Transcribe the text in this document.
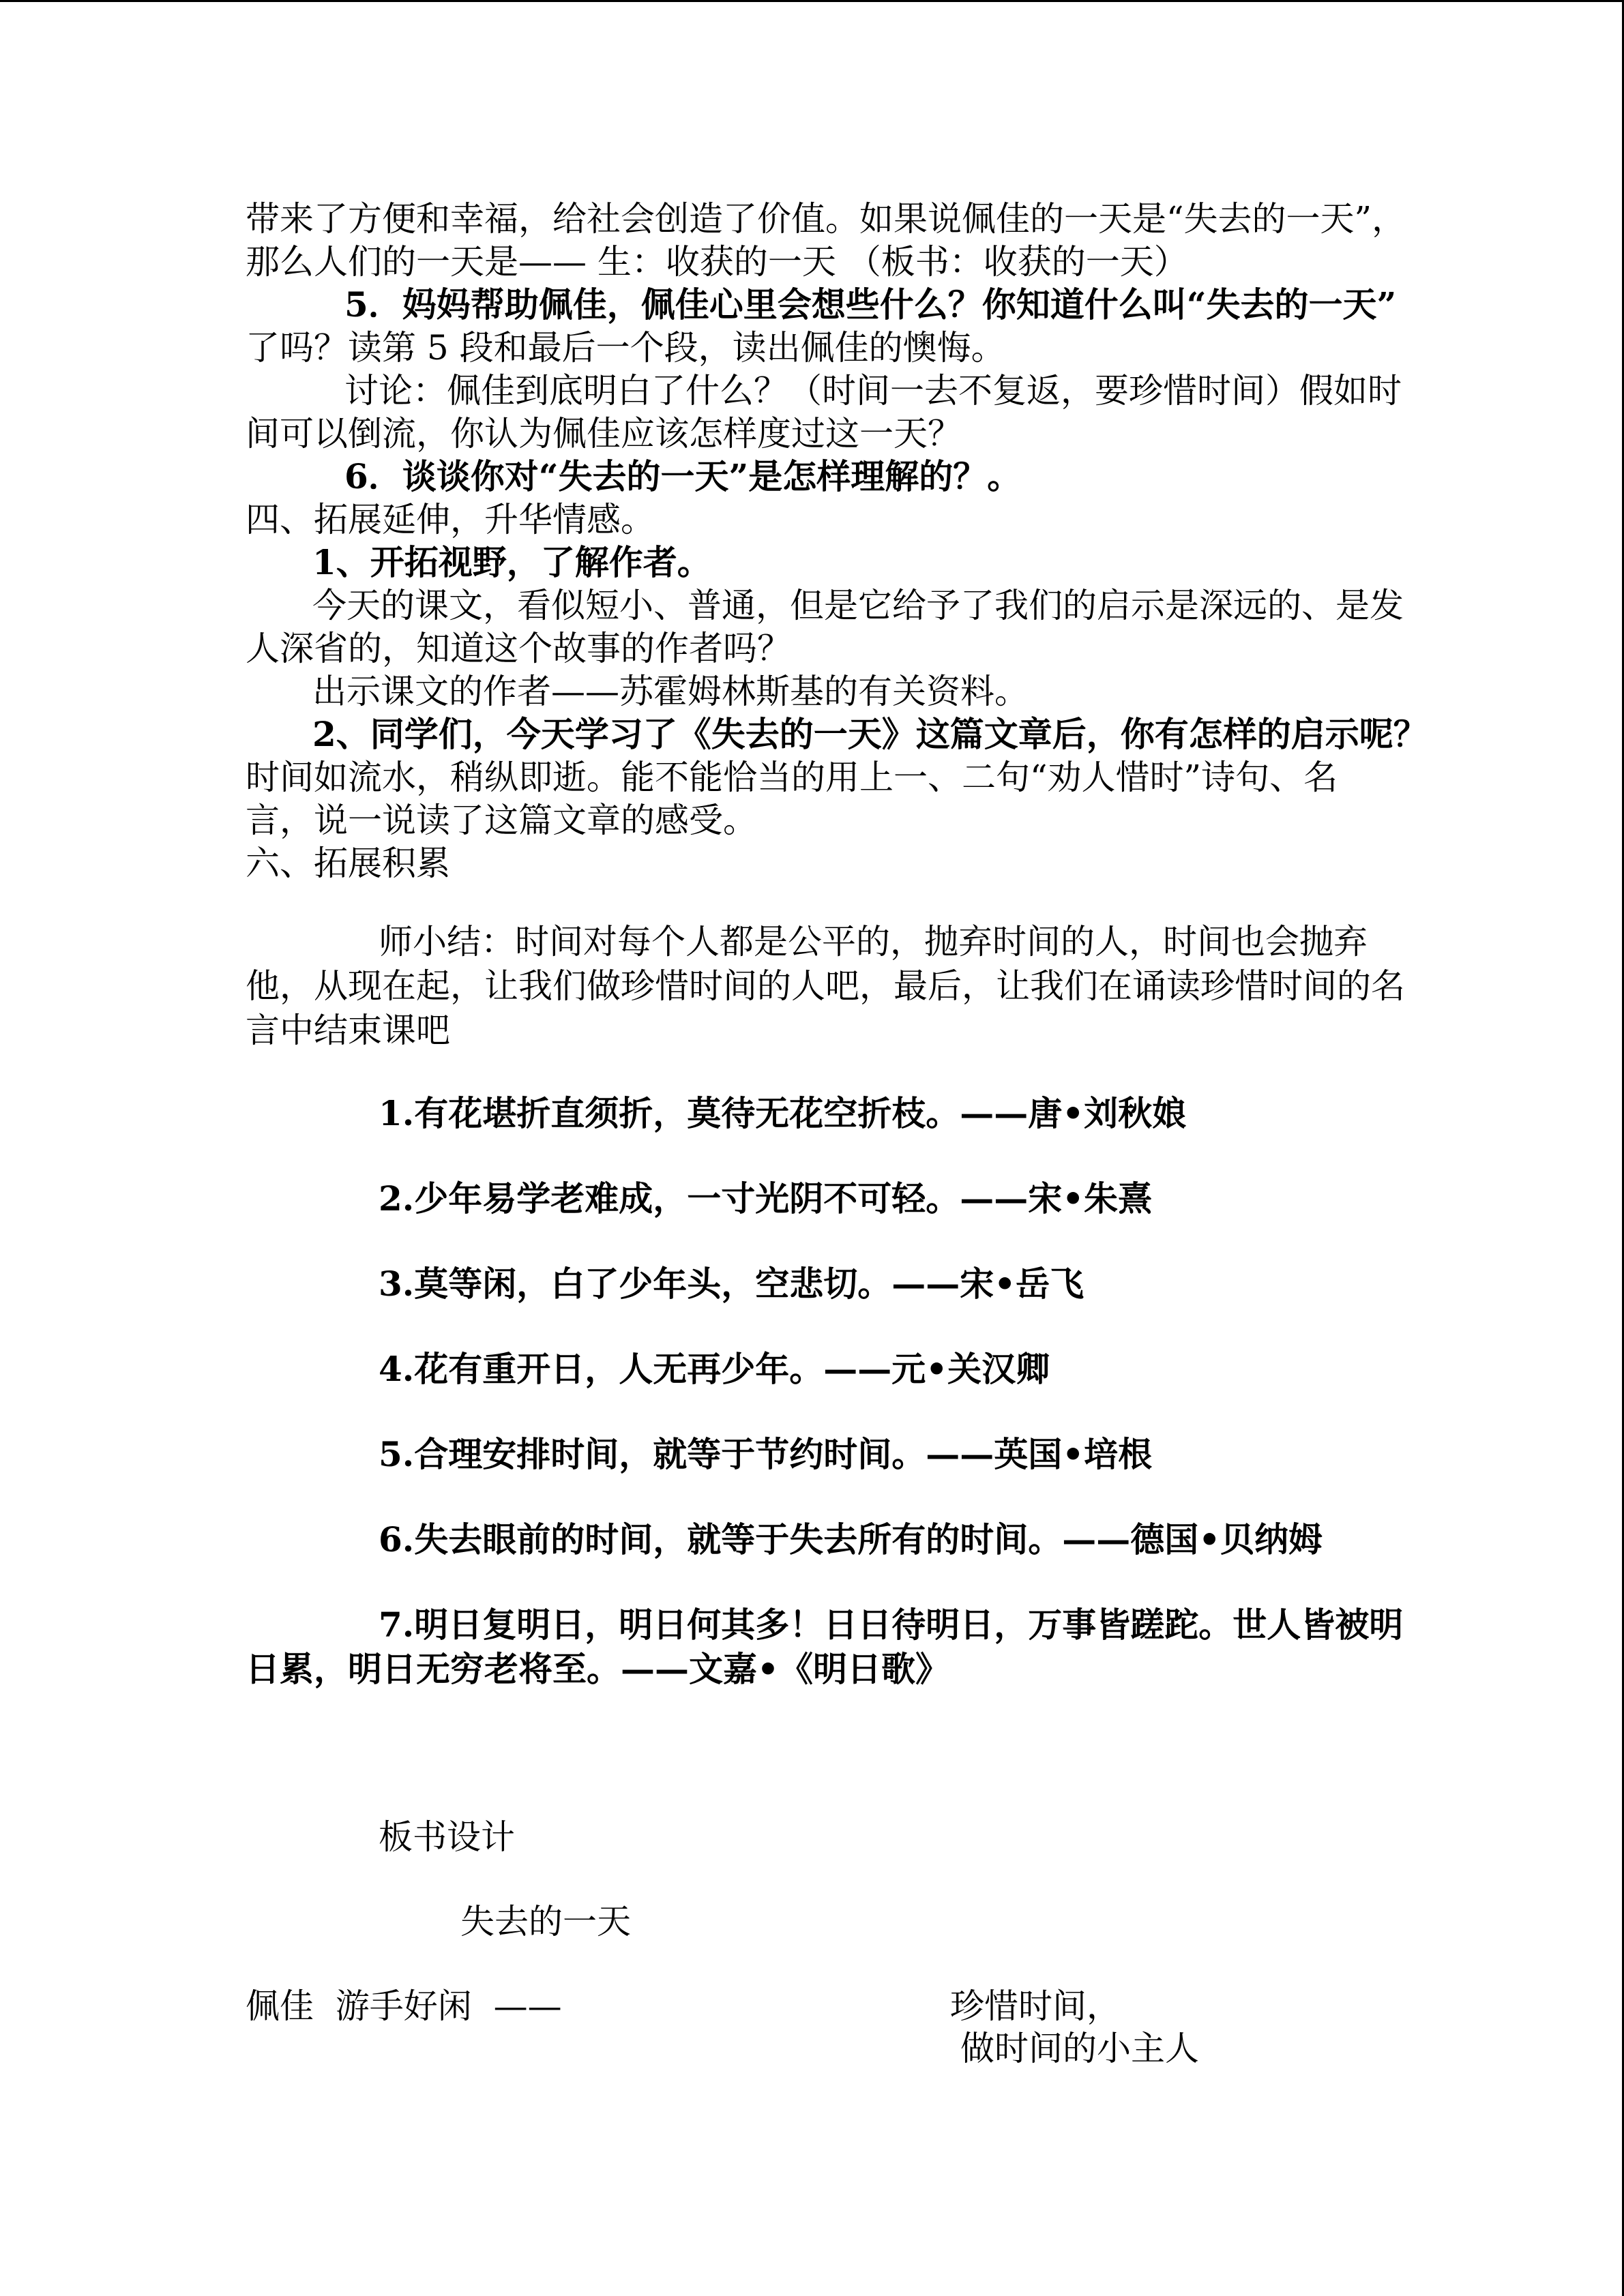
带来了方便和幸福，给社会创造了价值。如果说佩佳的一天是“失去的一天”，
那么人们的一天是—— 生：收获的一天 （板书：收获的一天）
5．妈妈帮助佩佳，佩佳心里会想些什么？你知道什么叫“失去的一天”
了吗？读第 5 段和最后一个段，读出佩佳的懊悔。
讨论：佩佳到底明白了什么？（时间一去不复返，要珍惜时间）假如时
间可以倒流，你认为佩佳应该怎样度过这一天？
6．谈谈你对“失去的一天”是怎样理解的？。
四、拓展延伸，升华情感。
1、开拓视野，了解作者。
今天的课文，看似短小、普通，但是它给予了我们的启示是深远的、是发
人深省的，知道这个故事的作者吗？
出示课文的作者——苏霍姆林斯基的有关资料。
2、同学们，今天学习了《失去的一天》这篇文章后，你有怎样的启示呢？
时间如流水，稍纵即逝。能不能恰当的用上一、二句“劝人惜时”诗句、名
言，说一说读了这篇文章的感受。
六、拓展积累
师小结：时间对每个人都是公平的，抛弃时间的人，时间也会抛弃
他，从现在起，让我们做珍惜时间的人吧，最后，让我们在诵读珍惜时间的名
言中结束课吧
1.有花堪折直须折，莫待无花空折枝。——唐•刘秋娘
2.少年易学老难成，一寸光阴不可轻。——宋•朱熹
3.莫等闲，白了少年头，空悲切。——宋•岳飞
4.花有重开日，人无再少年。——元•关汉卿
5.合理安排时间，就等于节约时间。——英国•培根
6.失去眼前的时间，就等于失去所有的时间。——德国•贝纳姆
7.明日复明日，明日何其多！日日待明日，万事皆蹉跎。世人皆被明
日累，明日无穷老将至。——文嘉•《明日歌》
板书设计
失去的一天
佩佳  游手好闲  ——	珍惜时间，
做时间的小主人
